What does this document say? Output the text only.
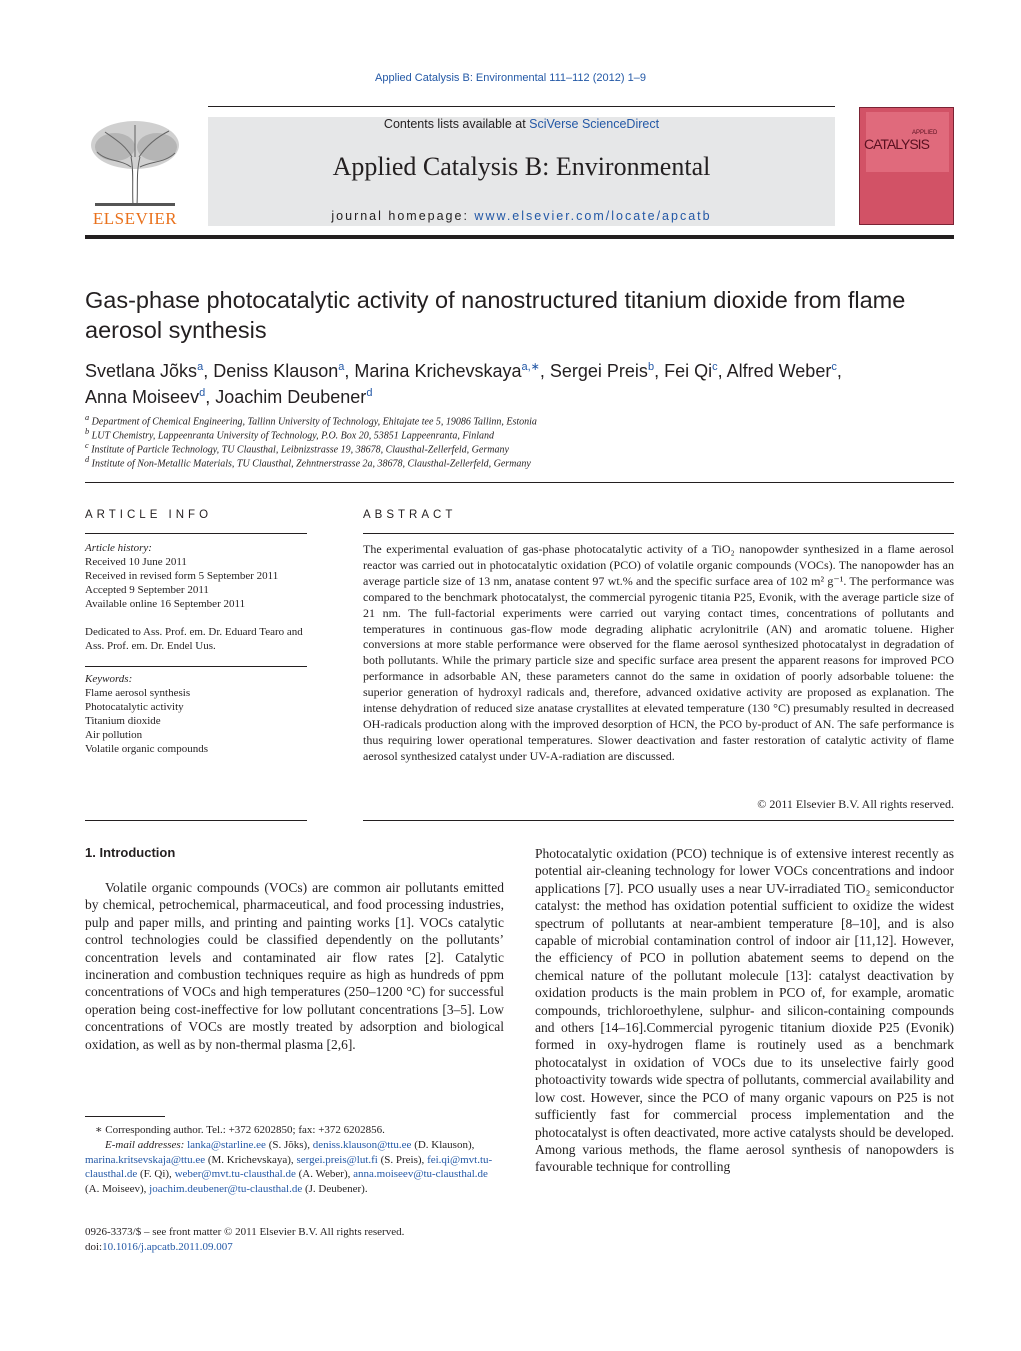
Applied Catalysis B: Environmental 111–112 (2012) 1–9
ELSEVIER
Contents lists available at SciVerse ScienceDirect
Applied Catalysis B: Environmental
journal homepage: www.elsevier.com/locate/apcatb
APPLIED
CATALYSIS
Gas-phase photocatalytic activity of nanostructured titanium dioxide from flame aerosol synthesis
Svetlana Jõks$^a$, Deniss Klauson$^a$, Marina Krichevskaya$^{a,∗}$, Sergei Preis$^b$, Fei Qi$^c$, Alfred Weber$^c$,
Anna Moiseev$^d$, Joachim Deubener$^d$
$^a$ Department of Chemical Engineering, Tallinn University of Technology, Ehitajate tee 5, 19086 Tallinn, Estonia
$^b$ LUT Chemistry, Lappeenranta University of Technology, P.O. Box 20, 53851 Lappeenranta, Finland
$^c$ Institute of Particle Technology, TU Clausthal, Leibnizstrasse 19, 38678, Clausthal-Zellerfeld, Germany
$^d$ Institute of Non-Metallic Materials, TU Clausthal, Zehntnerstrasse 2a, 38678, Clausthal-Zellerfeld, Germany
ARTICLE INFO
Article history:
Received 10 June 2011
Received in revised form 5 September 2011
Accepted 9 September 2011
Available online 16 September 2011
Dedicated to Ass. Prof. em. Dr. Eduard Tearo and Ass. Prof. em. Dr. Endel Uus.
Keywords:
Flame aerosol synthesis
Photocatalytic activity
Titanium dioxide
Air pollution
Volatile organic compounds
ABSTRACT
The experimental evaluation of gas-phase photocatalytic activity of a TiO₂ nanopowder synthesized in a flame aerosol reactor was carried out in photocatalytic oxidation (PCO) of volatile organic compounds (VOCs). The nanopowder has an average particle size of 13 nm, anatase content 97 wt.% and the specific surface area of 102 m² g⁻¹. The performance was compared to the benchmark photocatalyst, the commercial pyrogenic titania P25, Evonik, with the average particle size of 21 nm. The full-factorial experiments were carried out varying contact times, concentrations of pollutants and temperatures in continuous gas-flow mode degrading aliphatic acrylonitrile (AN) and aromatic toluene. Higher conversions at more stable performance were observed for the flame aerosol synthesized photocatalyst in degradation of both pollutants. While the primary particle size and specific surface area present the apparent reasons for improved PCO performance in adsorbable AN, these parameters cannot do the same in oxidation of poorly adsorbable toluene: the superior generation of hydroxyl radicals and, therefore, advanced oxidative activity are proposed as explanation. The intense dehydration of reduced size anatase crystallites at elevated temperature (130 °C) presumably resulted in decreased OH-radicals production along with the improved desorption of HCN, the PCO by-product of AN. The safe performance is thus requiring lower operational temperatures. Slower deactivation and faster restoration of catalytic activity of flame aerosol synthesized catalyst under UV-A-radiation are discussed.
© 2011 Elsevier B.V. All rights reserved.
1. Introduction
Volatile organic compounds (VOCs) are common air pollutants emitted by chemical, petrochemical, pharmaceutical, and food processing industries, pulp and paper mills, and printing and painting works [1]. VOCs catalytic control technologies could be classified dependently on the pollutants’ concentration levels and contaminated air flow rates [2]. Catalytic incineration and combustion techniques require as high as hundreds of ppm concentrations of VOCs and high temperatures (250–1200 °C) for successful operation being cost-ineffective for low pollutant concentrations [3–5]. Low concentrations of VOCs are mostly treated by adsorption and biological oxidation, as well as by non-thermal plasma [2,6].
Photocatalytic oxidation (PCO) technique is of extensive interest recently as potential air-cleaning technology for lower VOCs concentrations and indoor applications [7]. PCO usually uses a near UV-irradiated TiO₂ semiconductor catalyst: the method has oxidation potential sufficient to oxidize the widest spectrum of pollutants at near-ambient temperature [8–10], and is also capable of microbial contamination control of indoor air [11,12]. However, the efficiency of PCO in pollution abatement seems to depend on the chemical nature of the pollutant molecule [13]: catalyst deactivation by oxidation products is the main problem in PCO of, for example, aromatic compounds, trichloroethylene, sulphur- and silicon-containing compounds and others [14–16].Commercial pyrogenic titanium dioxide P25 (Evonik) formed in oxy-hydrogen flame is routinely used as a benchmark photocatalyst in oxidation of VOCs due to its unselective fairly good photoactivity towards wide spectra of pollutants, commercial availability and low cost. However, since the PCO of many organic vapours on P25 is not sufficiently fast for commercial process implementation and the photocatalyst is often deactivated, more active catalysts should be developed. Among various methods, the flame aerosol synthesis of nanopowders is favourable technique for controlling
∗ Corresponding author. Tel.: +372 6202850; fax: +372 6202856.
E-mail addresses: lanka@starline.ee (S. Jõks), deniss.klauson@ttu.ee (D. Klauson), marina.kritsevskaja@ttu.ee (M. Krichevskaya), sergei.preis@lut.fi (S. Preis), fei.qi@mvt.tu-clausthal.de (F. Qi), weber@mvt.tu-clausthal.de (A. Weber), anna.moiseev@tu-clausthal.de (A. Moiseev), joachim.deubener@tu-clausthal.de (J. Deubener).
0926-3373/$ – see front matter © 2011 Elsevier B.V. All rights reserved.
doi:10.1016/j.apcatb.2011.09.007
